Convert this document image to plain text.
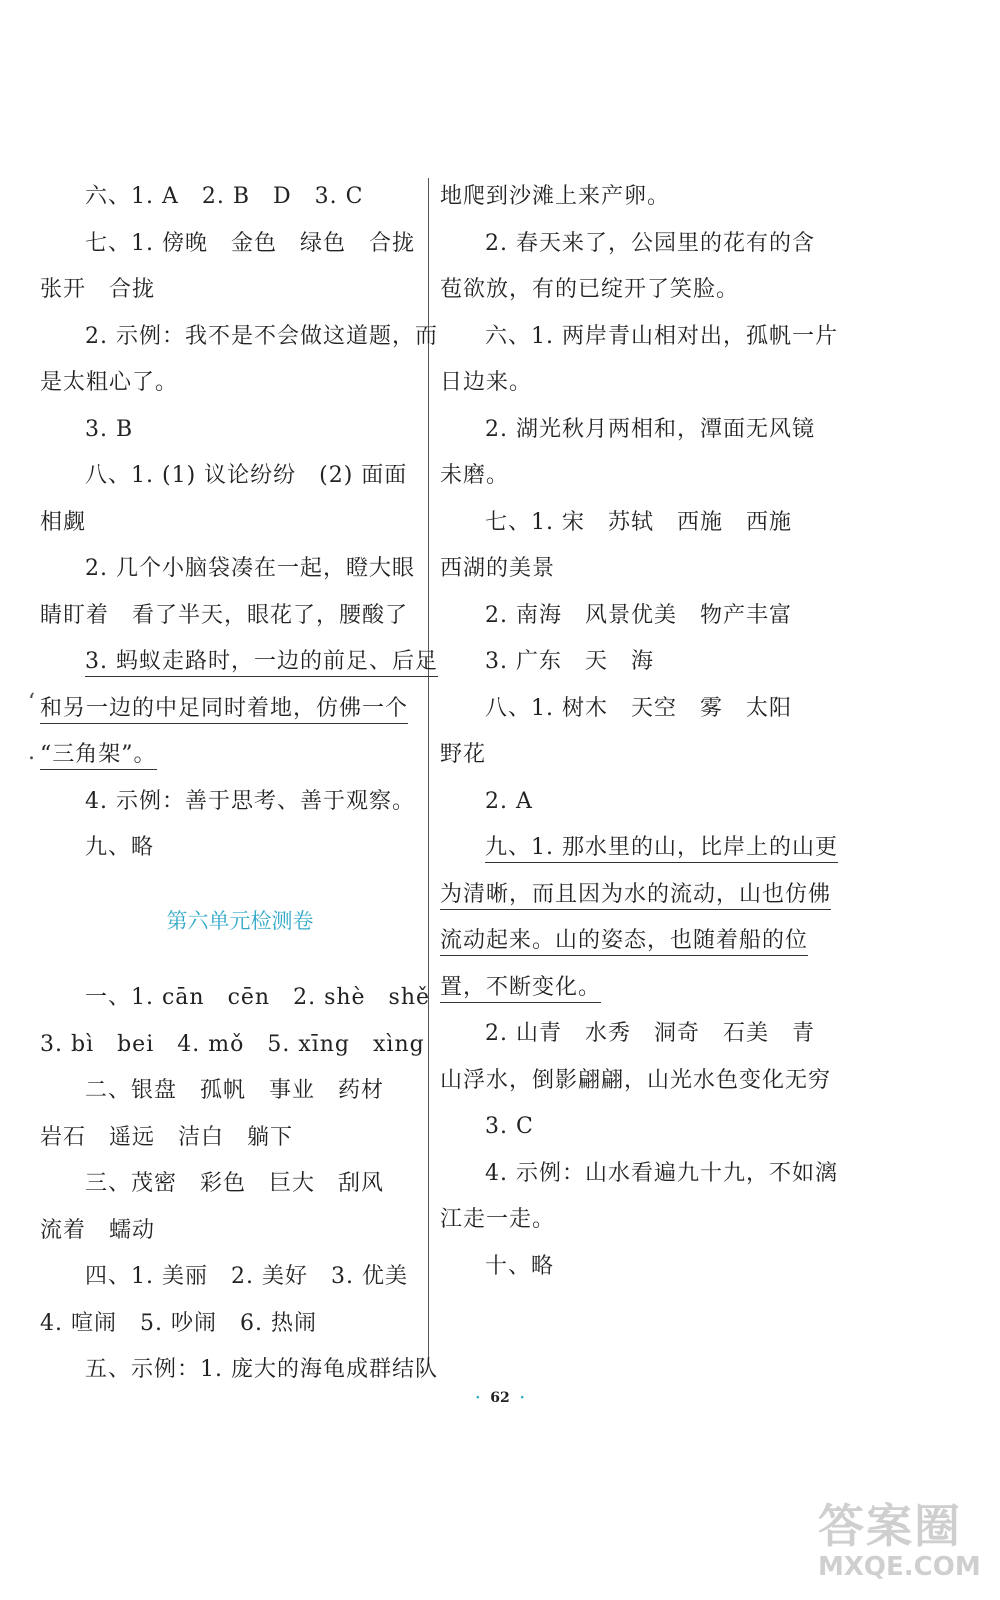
六、1. A　2. B　D　3. C
七、1. 傍晚　金色　绿色　合拢
张开　合拢
2. 示例：我不是不会做这道题，而
是太粗心了。
3. B
八、1. (1) 议论纷纷　(2) 面面
相觑
2. 几个小脑袋凑在一起，瞪大眼
睛盯着　看了半天，眼花了，腰酸了
3. 蚂蚁走路时，一边的前足、后足
和另一边的中足同时着地，仿佛一个
“三角架”。
4. 示例：善于思考、善于观察。
九、略
第六单元检测卷
一、1. cān　cēn　2. shè　shě
3. bì　bei　4. mǒ　5. xīng　xìng
二、银盘　孤帆　事业　药材
岩石　遥远　洁白　躺下
三、茂密　彩色　巨大　刮风
流着　蠕动
四、1. 美丽　2. 美好　3. 优美
4. 喧闹　5. 吵闹　6. 热闹
五、示例：1. 庞大的海龟成群结队
地爬到沙滩上来产卵。
2. 春天来了，公园里的花有的含
苞欲放，有的已绽开了笑脸。
六、1. 两岸青山相对出，孤帆一片
日边来。
2. 湖光秋月两相和，潭面无风镜
未磨。
七、1. 宋　苏轼　西施　西施
西湖的美景
2. 南海　风景优美　物产丰富
3. 广东　天　海
八、1. 树木　天空　雾　太阳
野花
2. A
九、1. 那水里的山，比岸上的山更
为清晰，而且因为水的流动，山也仿佛
流动起来。山的姿态，也随着船的位
置，不断变化。
2. 山青　水秀　洞奇　石美　青
山浮水，倒影翩翩，山光水色变化无穷
3. C
4. 示例：山水看遍九十九，不如漓
江走一走。
十、略
‘
.
· 62 ·
答案圈
MXQE.COM
